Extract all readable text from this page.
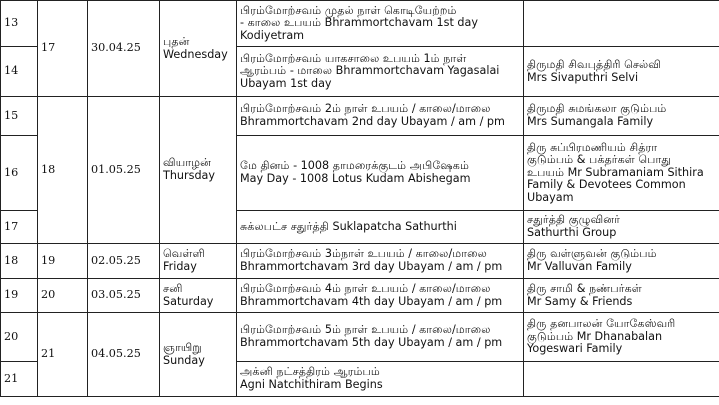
13	17	30.04.25	புதன்
Wednesday	பிரம்மோற்சவம் முதல் நாள் கொடியேற்றம்
- காலை உபயம் Bhrammortchavam 1st day
Kodiyetram	

14				பிரம்மோற்சவம் யாகசாலை உபயம் 1ம் நாள்
ஆரம்பம் - மாலை Bhrammortchavam Yagasalai
Ubayam 1st day	திருமதி சிவபுத்திரி செல்வி
Mrs Sivaputhri Selvi

15	18	01.05.25	வியாழன்
Thursday	பிரம்மோற்சவம் 2ம் நாள் உபயம் / காலை/மாலை
Bhrammortchavam 2nd day Ubayam / am / pm	திருமதி சுமங்கலா குடும்பம்
Mrs Sumangala Family

16				மே தினம் - 1008 தாமரைக்குடம் அபிஷேகம்
May Day - 1008 Lotus Kudam Abishegam	திரு சுப்பிரமணியம் சித்ரா
குடும்பம் & பக்தர்கள் பொது
உபயம் Mr Subramaniam Sithira
Family & Devotees Common
Ubayam

17				சுக்லபட்ச சதுர்த்தி Suklapatcha Sathurthi	சதுர்த்தி குழுவினர்
Sathurthi Group

18	19	02.05.25	வெள்ளி
Friday	பிரம்மோற்சவம் 3ம்நாள் உபயம் / காலை/மாலை
Bhrammortchavam 3rd day Ubayam / am / pm	திரு வள்ளுவன் குடும்பம்
Mr Valluvan Family

19	20	03.05.25	சனி
Saturday	பிரம்மோற்சவம் 4ம் நாள் உபயம் / காலை/மாலை
Bhrammortchavam 4th day Ubayam / am / pm	திரு சாமி & நண்பர்கள்
Mr Samy & Friends

20	21	04.05.25	ஞாயிறு
Sunday	பிரம்மோற்சவம் 5ம் நாள் உபயம் / காலை/மாலை
Bhrammortchavam 5th day Ubayam / am / pm	திரு தனபாலன் யோகேஸ்வரி
குடும்பம் Mr Dhanabalan
Yogeswari Family

21				அக்னி நட்சத்திரம் ஆரம்பம்
Agni Natchithiram Begins	
